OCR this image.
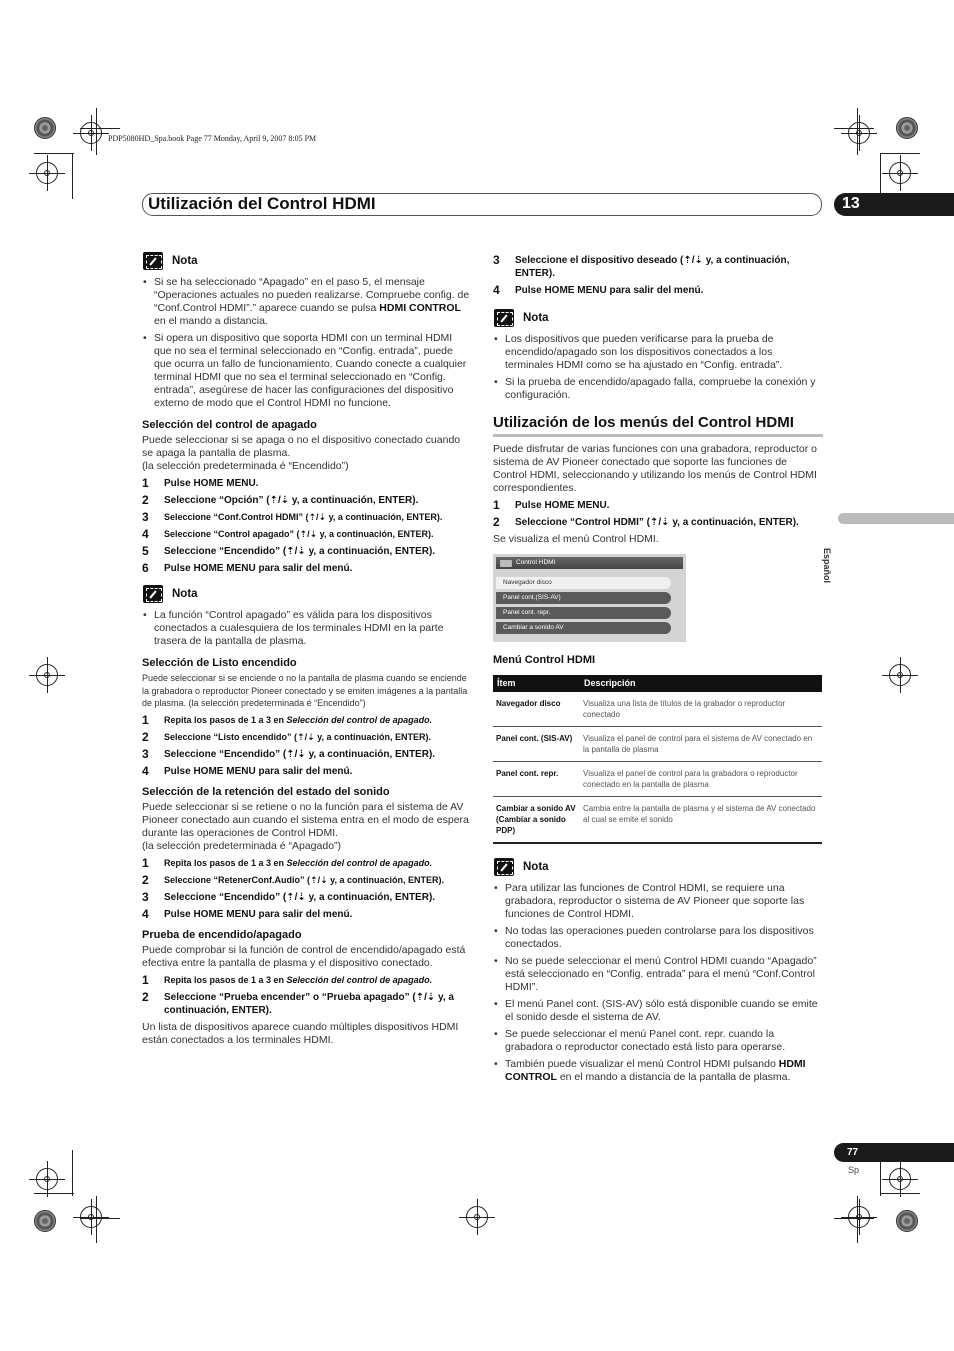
PDP5080HD_Spa.book Page 77 Monday, April 9, 2007 8:05 PM
Utilización del Control HDMI	13
Español
Nota
• Si se ha seleccionado “Apagado” en el paso 5, el mensaje “Operaciones actuales no pueden realizarse. Compruebe config. de “Conf.Control HDMI”.” aparece cuando se pulsa HDMI CONTROL en el mando a distancia.
• Si opera un dispositivo que soporta HDMI con un terminal HDMI que no sea el terminal seleccionado en “Config. entrada”, puede que ocurra un fallo de funcionamiento. Cuando conecte a cualquier terminal HDMI que no sea el terminal seleccionado en “Config. entrada”, asegúrese de hacer las configuraciones del dispositivo externo de modo que el Control HDMI no funcione.
Selección del control de apagado
Puede seleccionar si se apaga o no el dispositivo conectado cuando se apaga la pantalla de plasma.
(la selección predeterminada é “Encendido”)
1	Pulse HOME MENU.
2	Seleccione “Opción” (⇡/⇣ y, a continuación, ENTER).
3	Seleccione “Conf.Control HDMI” (⇡/⇣ y, a continuación, ENTER).
4	Seleccione “Control apagado” (⇡/⇣ y, a continuación, ENTER).
5	Seleccione “Encendido” (⇡/⇣ y, a continuación, ENTER).
6	Pulse HOME MENU para salir del menú.
Nota
• La función “Control apagado” es válida para los dispositivos conectados a cualesquiera de los terminales HDMI en la parte trasera de la pantalla de plasma.
Selección de Listo encendido
Puede seleccionar si se enciende o no la pantalla de plasma cuando se enciende la grabadora o reproductor Pioneer conectado y se emiten imágenes a la pantalla de plasma. (la selección predeterminada é “Encendido”)
1	Repita los pasos de 1 a 3 en Selección del control de apagado.
2	Seleccione “Listo encendido” (⇡/⇣ y, a continuación, ENTER).
3	Seleccione “Encendido” (⇡/⇣ y, a continuación, ENTER).
4	Pulse HOME MENU para salir del menú.
Selección de la retención del estado del sonido
Puede seleccionar si se retiene o no la función para el sistema de AV Pioneer conectado aun cuando el sistema entra en el modo de espera durante las operaciones de Control HDMI.
(la selección predeterminada é “Apagado”)
1	Repita los pasos de 1 a 3 en Selección del control de apagado.
2	Seleccione “RetenerConf.Audio” (⇡/⇣ y, a continuación, ENTER).
3	Seleccione “Encendido” (⇡/⇣ y, a continuación, ENTER).
4	Pulse HOME MENU para salir del menú.
Prueba de encendido/apagado
Puede comprobar si la función de control de encendido/apagado está efectiva entre la pantalla de plasma y el dispositivo conectado.
1	Repita los pasos de 1 a 3 en Selección del control de apagado.
2	Seleccione “Prueba encender” o “Prueba apagado” (⇡/⇣ y, a continuación, ENTER).
Un lista de dispositivos aparece cuando múltiples dispositivos HDMI están conectados a los terminales HDMI.
3	Seleccione el dispositivo deseado (⇡/⇣ y, a continuación, ENTER).
4	Pulse HOME MENU para salir del menú.
Nota
• Los dispositivos que pueden verificarse para la prueba de encendido/apagado son los dispositivos conectados a los terminales HDMI como se ha ajustado en “Config. entrada”.
• Si la prueba de encendido/apagado falla, compruebe la conexión y configuración.
Utilización de los menús del Control HDMI
Puede disfrutar de varias funciones con una grabadora, reproductor o sistema de AV Pioneer conectado que soporte las funciones de Control HDMI, seleccionando y utilizando los menús de Control HDMI correspondientes.
1	Pulse HOME MENU.
2	Seleccione “Control HDMI” (⇡/⇣ y, a continuación, ENTER).
Se visualiza el menú Control HDMI.
Control HDMI
Navegador disco
Panel cont.(SIS-AV)
Panel cont. repr.
Cambiar a sonido AV
Menú Control HDMI
Ítem	Descripción
Navegador disco	Visualiza una lista de títulos de la grabador o reproductor conectado
Panel cont. (SIS-AV)	Visualiza el panel de control para el sistema de AV conectado en la pantalla de plasma
Panel cont. repr.	Visualiza el panel de control para la grabadora o reproductor conectado en la pantalla de plasma
Cambiar a sonido AV (Cambiar a sonido PDP)	Cambia entre la pantalla de plasma y el sistema de AV conectado al cual se emite el sonido
Nota
• Para utilizar las funciones de Control HDMI, se requiere una grabadora, reproductor o sistema de AV Pioneer que soporte las funciones de Control HDMI.
• No todas las operaciones pueden controlarse para los dispositivos conectados.
• No se puede seleccionar el menú Control HDMI cuando “Apagado” está seleccionado en “Config. entrada” para el menú “Conf.Control HDMI”.
• El menú Panel cont. (SIS-AV) sólo está disponible cuando se emite el sonido desde el sistema de AV.
• Se puede seleccionar el menú Panel cont. repr. cuando la grabadora o reproductor conectado está listo para operarse.
• También puede visualizar el menú Control HDMI pulsando HDMI CONTROL en el mando a distancia de la pantalla de plasma.
77
Sp
